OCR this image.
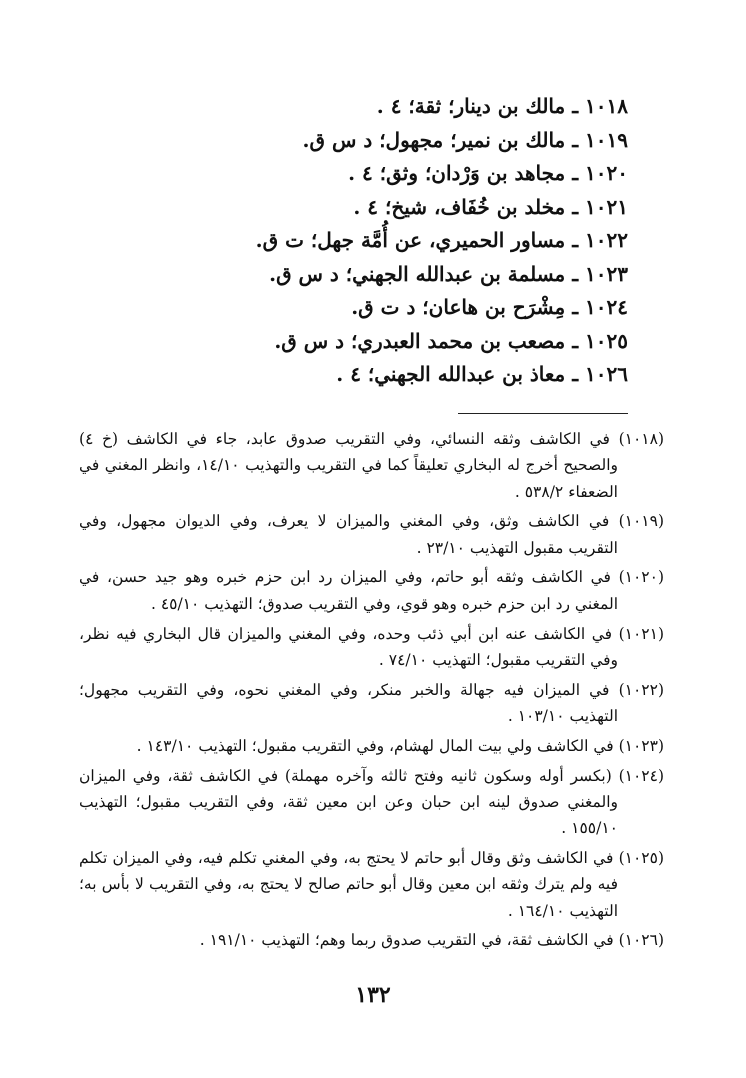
١٠١٨ ـ مالك بن دينار؛ ثقة؛ ٤ .
١٠١٩ ـ مالك بن نمير؛ مجهول؛ د س ق.
١٠٢٠ ـ مجاهد بن وَرْدان؛ وثق؛ ٤ .
١٠٢١ ـ مخلد بن خُفَاف، شيخ؛ ٤ .
١٠٢٢ ـ مساور الحميري، عن أُمَّة جهل؛ ت ق.
١٠٢٣ ـ مسلمة بن عبدالله الجهني؛ د س ق.
١٠٢٤ ـ مِشْرَح بن هاعان؛ د ت ق.
١٠٢٥ ـ مصعب بن محمد العبدري؛ د س ق.
١٠٢٦ ـ معاذ بن عبدالله الجهني؛ ٤ .
(١٠١٨) في الكاشف وثقه النسائي، وفي التقريب صدوق عابد، جاء في الكاشف (خ ٤) والصحيح أخرج له البخاري تعليقاً كما في التقريب والتهذيب ١٤/١٠، وانظر المغني في الضعفاء ٥٣٨/٢ .
(١٠١٩) في الكاشف وثق، وفي المغني والميزان لا يعرف، وفي الديوان مجهول، وفي التقريب مقبول التهذيب ٢٣/١٠ .
(١٠٢٠) في الكاشف وثقه أبو حاتم، وفي الميزان رد ابن حزم خبره وهو جيد حسن، في المغني رد ابن حزم خبره وهو قوي، وفي التقريب صدوق؛ التهذيب ٤٥/١٠ .
(١٠٢١) في الكاشف عنه ابن أبي ذئب وحده، وفي المغني والميزان قال البخاري فيه نظر، وفي التقريب مقبول؛ التهذيب ٧٤/١٠ .
(١٠٢٢) في الميزان فيه جهالة والخبر منكر، وفي المغني نحوه، وفي التقريب مجهول؛ التهذيب ١٠٣/١٠ .
(١٠٢٣) في الكاشف ولي بيت المال لهشام، وفي التقريب مقبول؛ التهذيب ١٤٣/١٠ .
(١٠٢٤) (بكسر أوله وسكون ثانيه وفتح ثالثه وآخره مهملة) في الكاشف ثقة، وفي الميزان والمغني صدوق لينه ابن حبان وعن ابن معين ثقة، وفي التقريب مقبول؛ التهذيب ١٥٥/١٠ .
(١٠٢٥) في الكاشف وثق وقال أبو حاتم لا يحتج به، وفي المغني تكلم فيه، وفي الميزان تكلم فيه ولم يترك وثقه ابن معين وقال أبو حاتم صالح لا يحتج به، وفي التقريب لا بأس به؛ التهذيب ١٦٤/١٠ .
(١٠٢٦) في الكاشف ثقة، في التقريب صدوق ربما وهم؛ التهذيب ١٩١/١٠ .
١٣٢
